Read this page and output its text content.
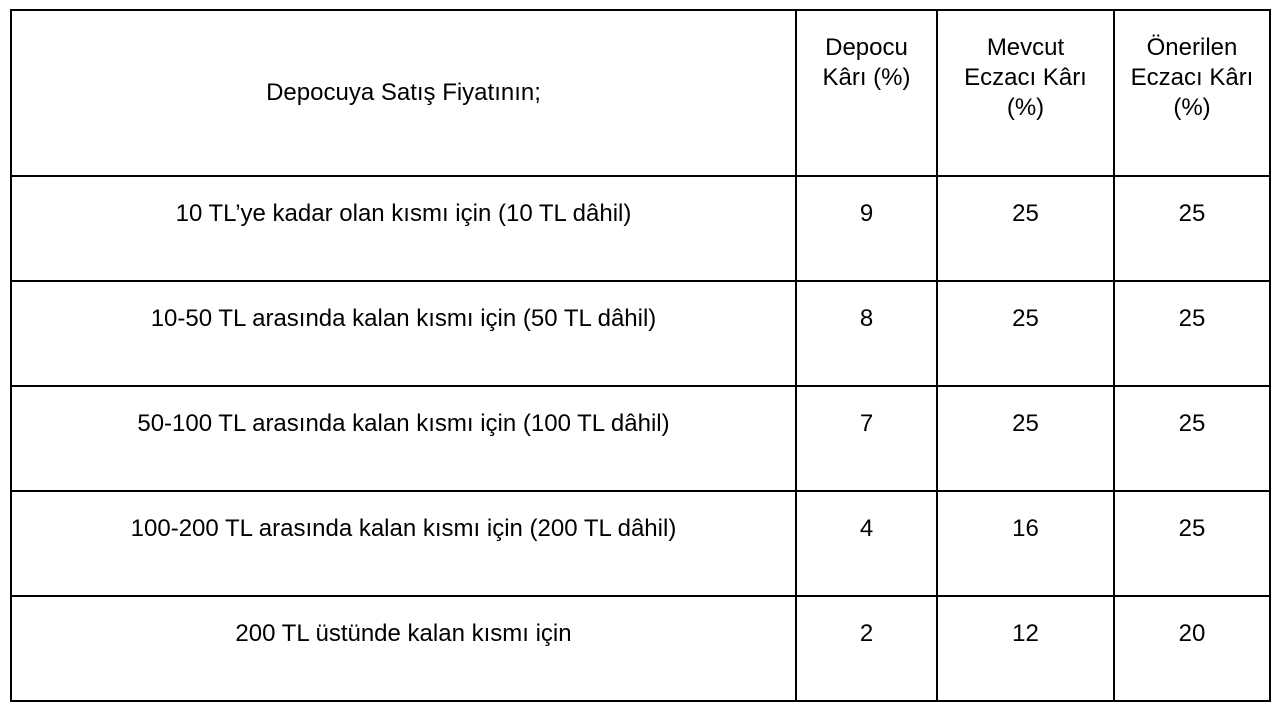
Depocuya Satış Fiyatının;	Depocu Kârı (%)	Mevcut Eczacı Kârı (%)	Önerilen Eczacı Kârı (%)
10 TL’ye kadar olan kısmı için (10 TL dâhil)	9	25	25
10-50 TL arasında kalan kısmı için (50 TL dâhil)	8	25	25
50-100 TL arasında kalan kısmı için (100 TL dâhil)	7	25	25
100-200 TL arasında kalan kısmı için (200 TL dâhil)	4	16	25
200 TL üstünde kalan kısmı için	2	12	20
